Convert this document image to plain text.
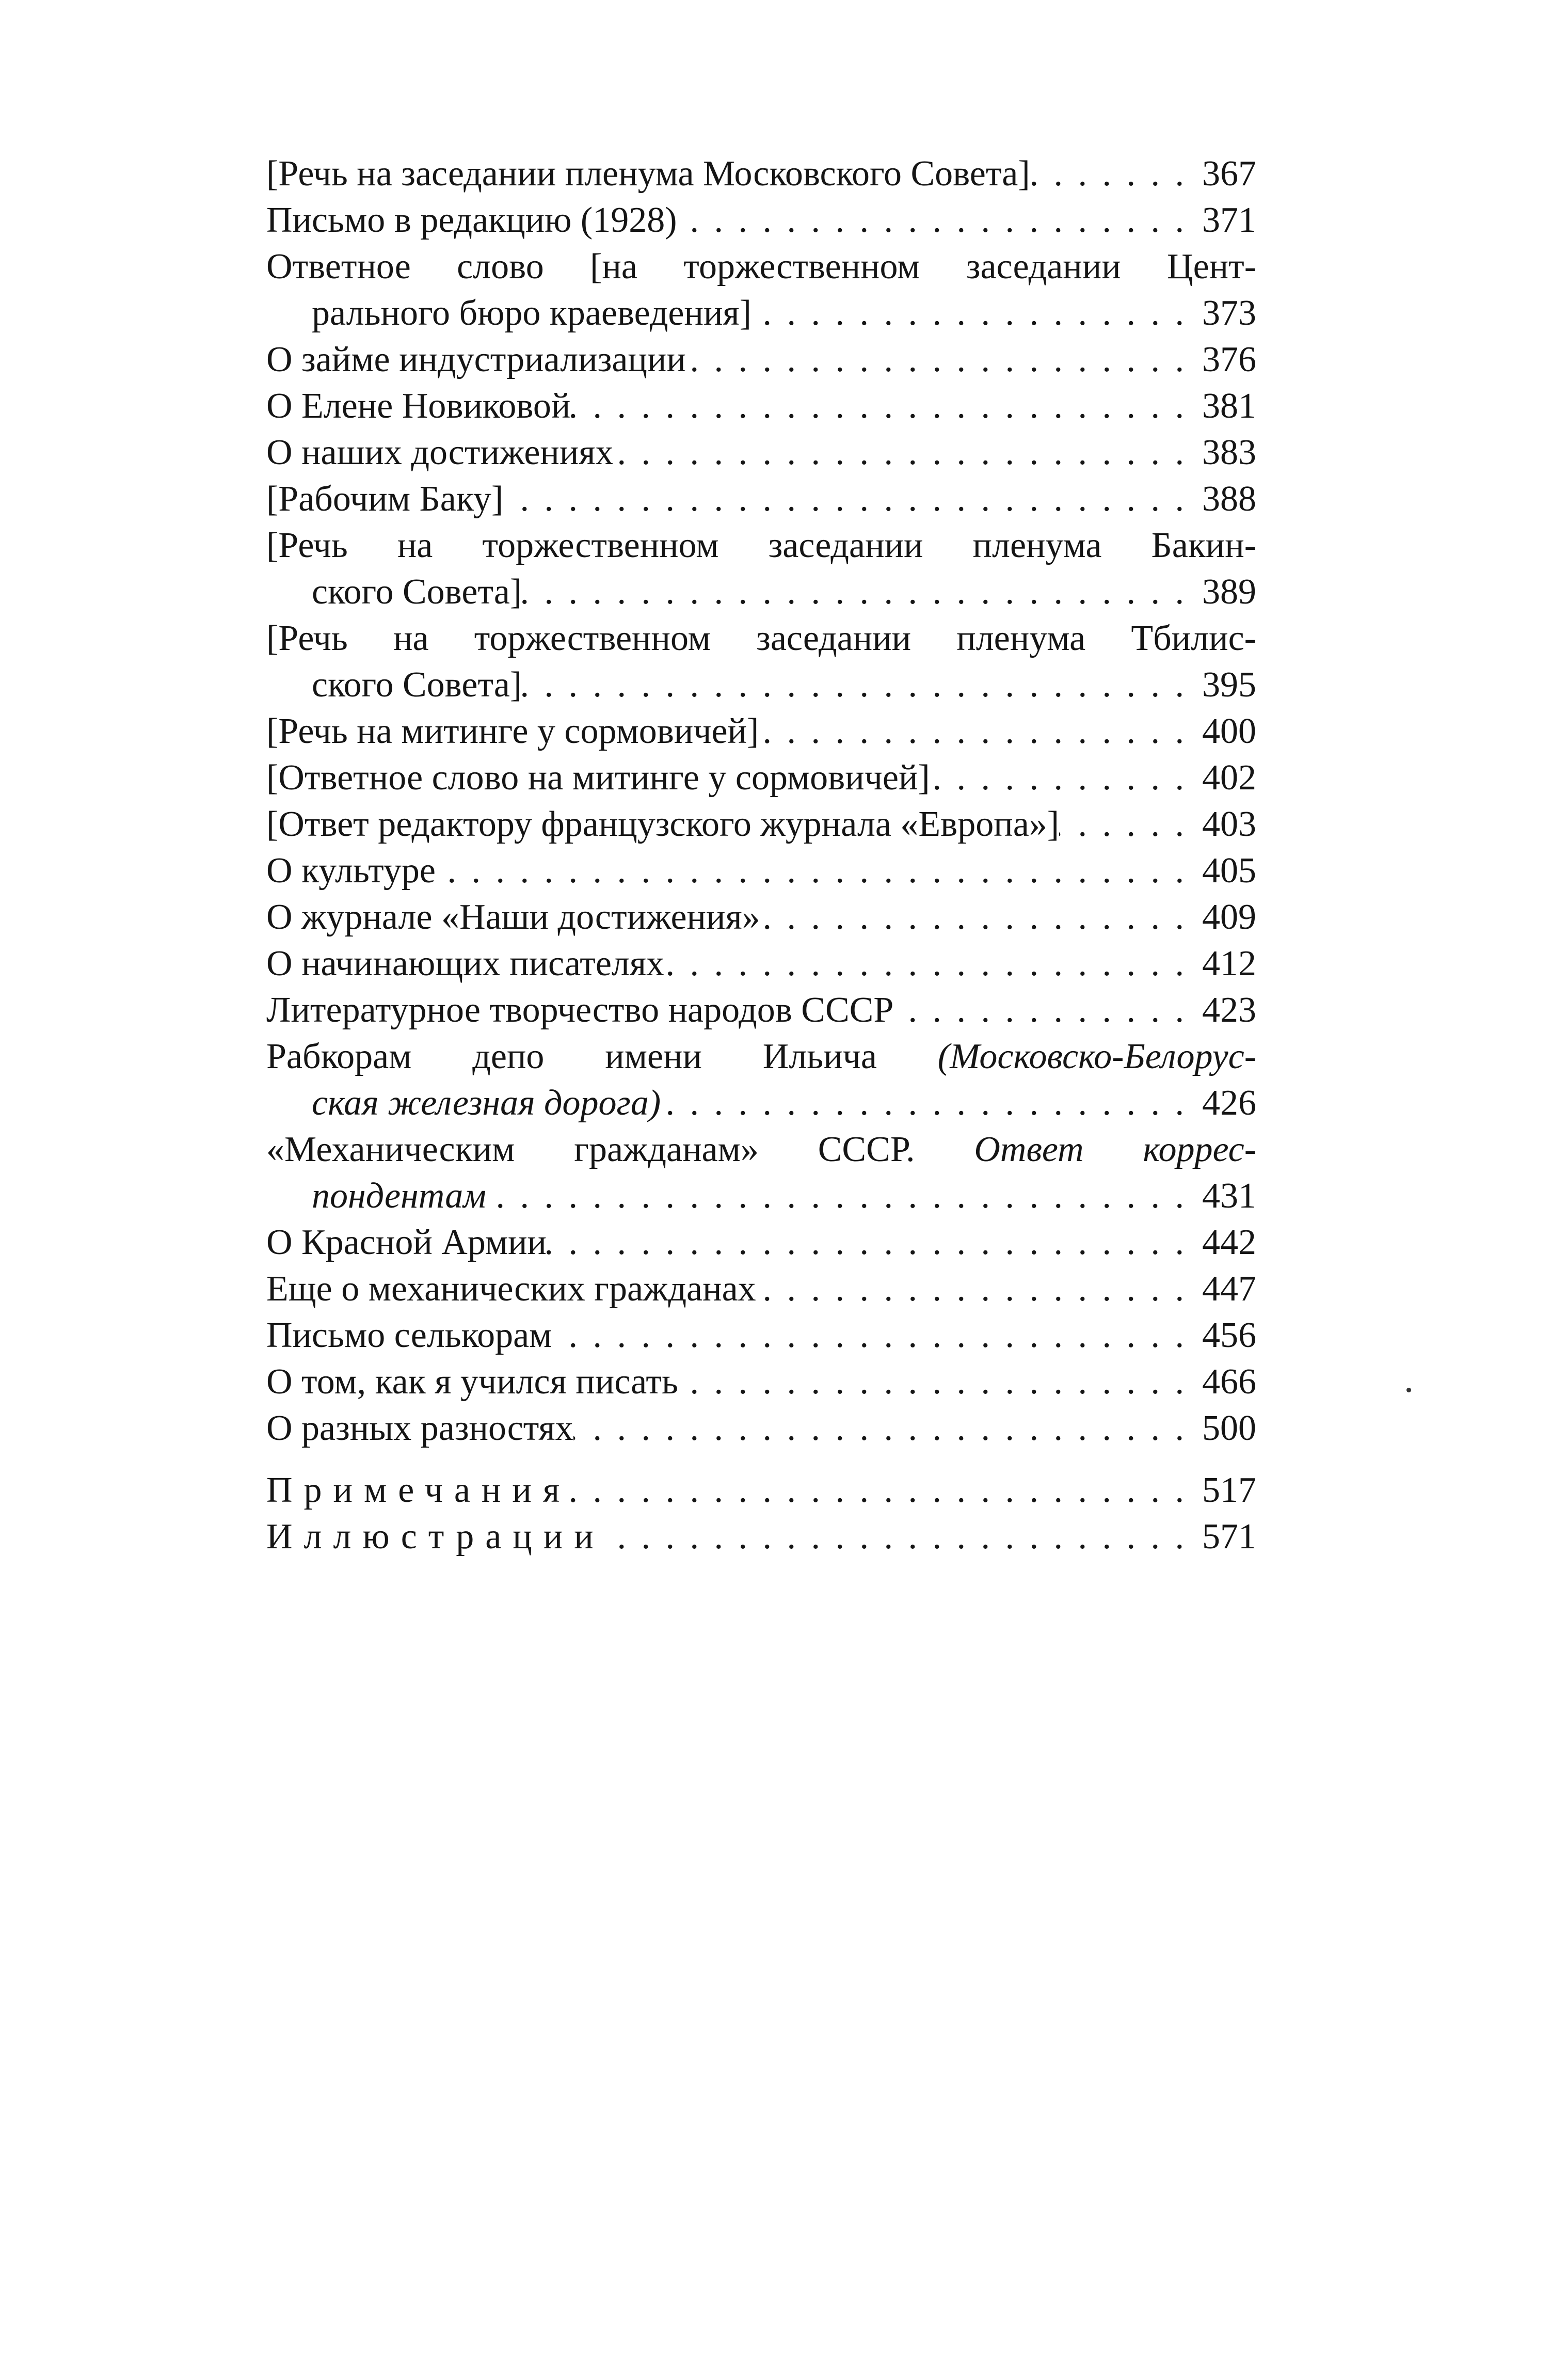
[Речь на заседании пленума Московского Совета] . . .	367
Письмо в редакцию (1928) . . .	371
Ответное слово [на торжественном заседании Цент-
рального бюро краеведения] . . .	373
О займе индустриализации . . .	376
О Елене Новиковой . . .	381
О наших достижениях . . .	383
[Рабочим Баку] . . .	388
[Речь на торжественном заседании пленума Бакин-
ского Совета] . . .	389
[Речь на торжественном заседании пленума Тбилис-
ского Совета] . . .	395
[Речь на митинге у сормовичей] . . .	400
[Ответное слово на митинге у сормовичей] . . .	402
[Ответ редактору французского журнала «Европа»] . . .	403
О культуре . . .	405
О журнале «Наши достижения» . . .	409
О начинающих писателях . . .	412
Литературное творчество народов СССР . . .	423
Рабкорам депо имени Ильича (Московско-Белорус-
ская железная дорога) . . .	426
«Механическим гражданам» СССР. Ответ коррес-
пондентам . . .	431
О Красной Армии . . .	442
Еще о механических гражданах . . .	447
Письмо селькорам . . .	456
О том, как я учился писать . . .	466
О разных разностях . . .	500
Примечания . . .	517
Иллюстрации . . .	571
